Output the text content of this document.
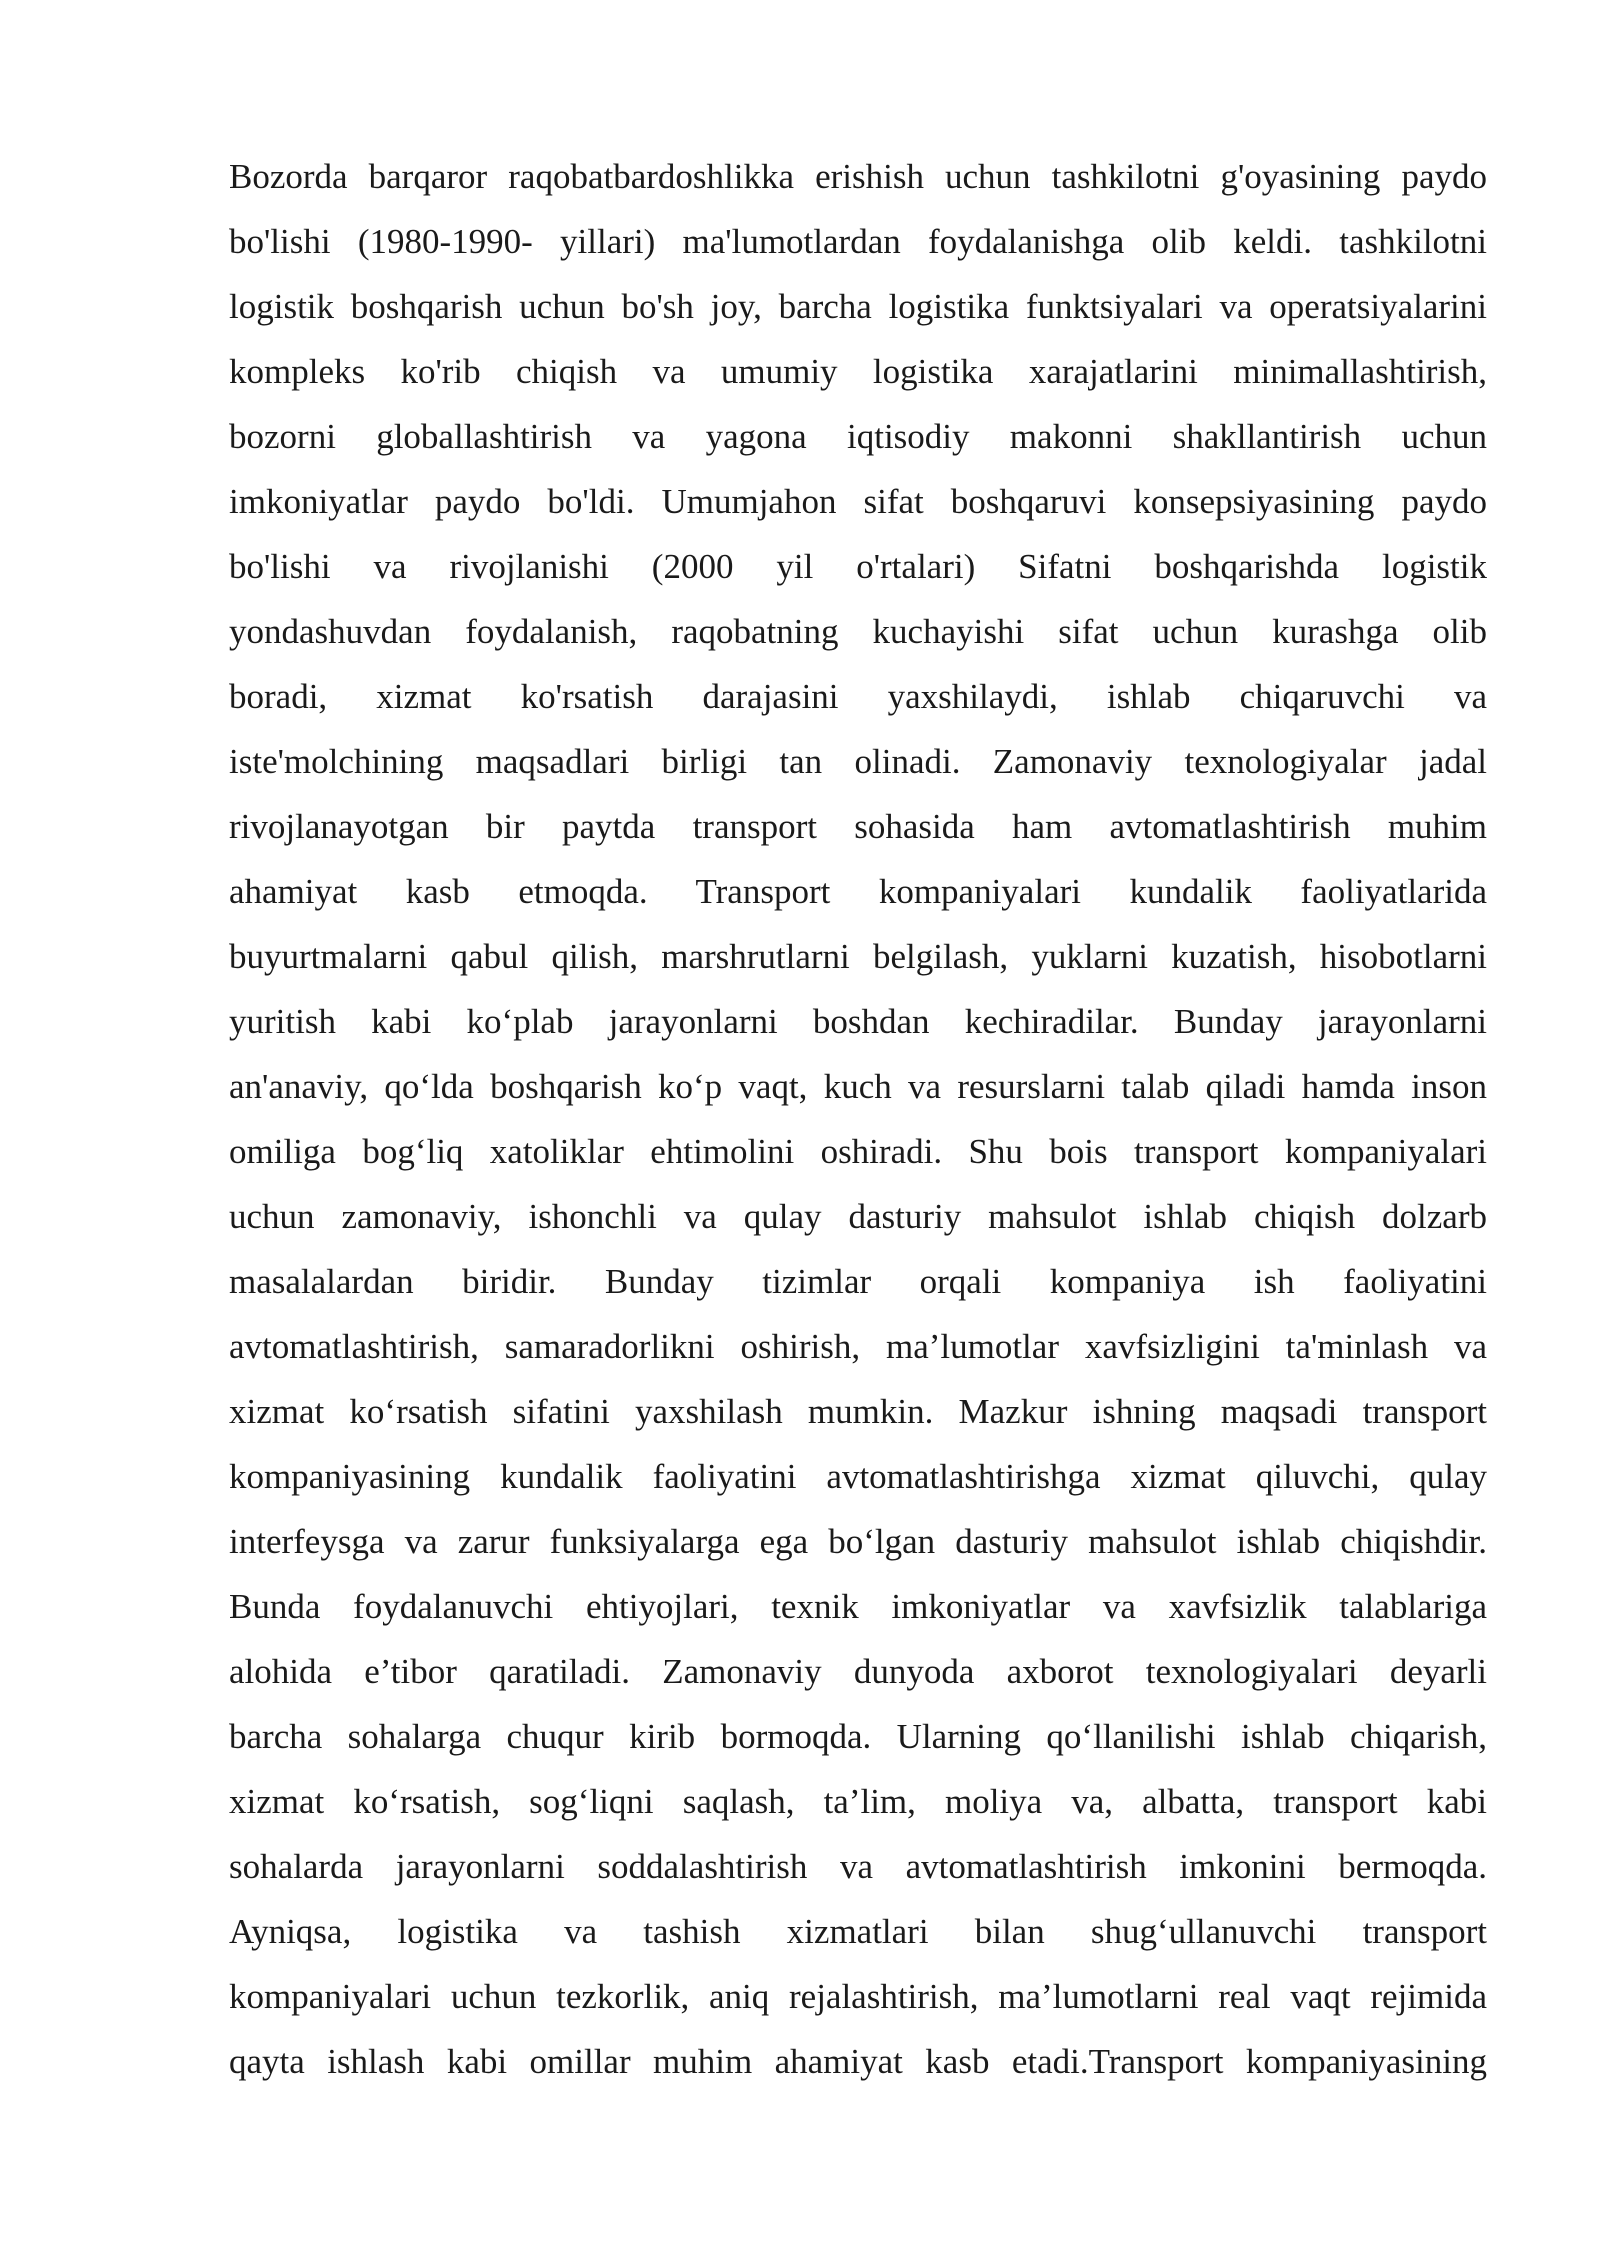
Bozorda barqaror raqobatbardoshlikka erishish uchun tashkilotni g'oyasining paydo
bo'lishi (1980-1990- yillari) ma'lumotlardan foydalanishga olib keldi. tashkilotni
logistik boshqarish uchun bo'sh joy, barcha logistika funktsiyalari va operatsiyalarini
kompleks ko'rib chiqish va umumiy logistika xarajatlarini minimallashtirish,
bozorni globallashtirish va yagona iqtisodiy makonni shakllantirish uchun
imkoniyatlar paydo bo'ldi. Umumjahon sifat boshqaruvi konsepsiyasining paydo
bo'lishi va rivojlanishi (2000 yil o'rtalari) Sifatni boshqarishda logistik
yondashuvdan foydalanish, raqobatning kuchayishi sifat uchun kurashga olib
boradi, xizmat ko'rsatish darajasini yaxshilaydi, ishlab chiqaruvchi va
iste'molchining maqsadlari birligi tan olinadi. Zamonaviy texnologiyalar jadal
rivojlanayotgan bir paytda transport sohasida ham avtomatlashtirish muhim
ahamiyat kasb etmoqda. Transport kompaniyalari kundalik faoliyatlarida
buyurtmalarni qabul qilish, marshrutlarni belgilash, yuklarni kuzatish, hisobotlarni
yuritish kabi ko‘plab jarayonlarni boshdan kechiradilar. Bunday jarayonlarni
an'anaviy, qo‘lda boshqarish ko‘p vaqt, kuch va resurslarni talab qiladi hamda inson
omiliga bog‘liq xatoliklar ehtimolini oshiradi. Shu bois transport kompaniyalari
uchun zamonaviy, ishonchli va qulay dasturiy mahsulot ishlab chiqish dolzarb
masalalardan biridir. Bunday tizimlar orqali kompaniya ish faoliyatini
avtomatlashtirish, samaradorlikni oshirish, ma’lumotlar xavfsizligini ta'minlash va
xizmat ko‘rsatish sifatini yaxshilash mumkin. Mazkur ishning maqsadi transport
kompaniyasining kundalik faoliyatini avtomatlashtirishga xizmat qiluvchi, qulay
interfeysga va zarur funksiyalarga ega bo‘lgan dasturiy mahsulot ishlab chiqishdir.
Bunda foydalanuvchi ehtiyojlari, texnik imkoniyatlar va xavfsizlik talablariga
alohida e’tibor qaratiladi. Zamonaviy dunyoda axborot texnologiyalari deyarli
barcha sohalarga chuqur kirib bormoqda. Ularning qo‘llanilishi ishlab chiqarish,
xizmat ko‘rsatish, sog‘liqni saqlash, ta’lim, moliya va, albatta, transport kabi
sohalarda jarayonlarni soddalashtirish va avtomatlashtirish imkonini bermoqda.
Ayniqsa, logistika va tashish xizmatlari bilan shug‘ullanuvchi transport
kompaniyalari uchun tezkorlik, aniq rejalashtirish, ma’lumotlarni real vaqt rejimida
qayta ishlash kabi omillar muhim ahamiyat kasb etadi.Transport kompaniyasining
